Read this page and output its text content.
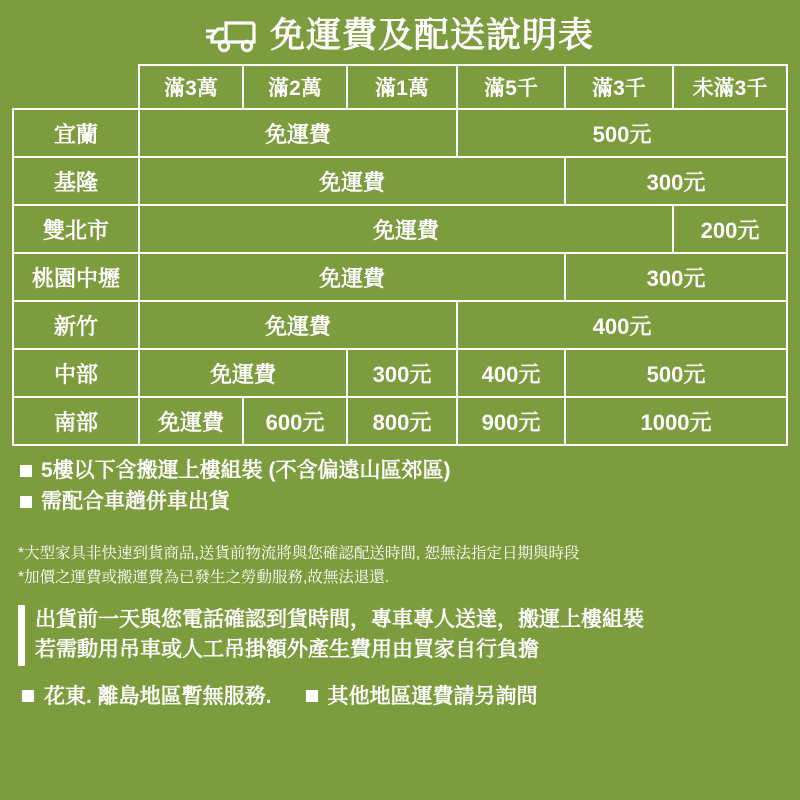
免運費及配送說明表
	滿3萬	滿2萬	滿1萬	滿5千	滿3千	未滿3千
宜蘭	免運費			500元		
基隆	免運費				300元	
雙北市	免運費					200元
桃園中壢	免運費				300元	
新竹	免運費			400元		
中部	免運費		300元	400元	500元	
南部	免運費	600元	800元	900元	1000元	
5樓以下含搬運上樓組裝 (不含偏遠山區郊區)
需配合車趟併車出貨
*大型家具非快速到貨商品,送貨前物流將與您確認配送時間, 恕無法指定日期與時段
*加價之運費或搬運費為已發生之勞動服務,故無法退還.
出貨前一天與您電話確認到貨時間，專車專人送達，搬運上樓組裝
若需動用吊車或人工吊掛額外產生費用由買家自行負擔
花東. 離島地區暫無服務.	其他地區運費請另詢問
